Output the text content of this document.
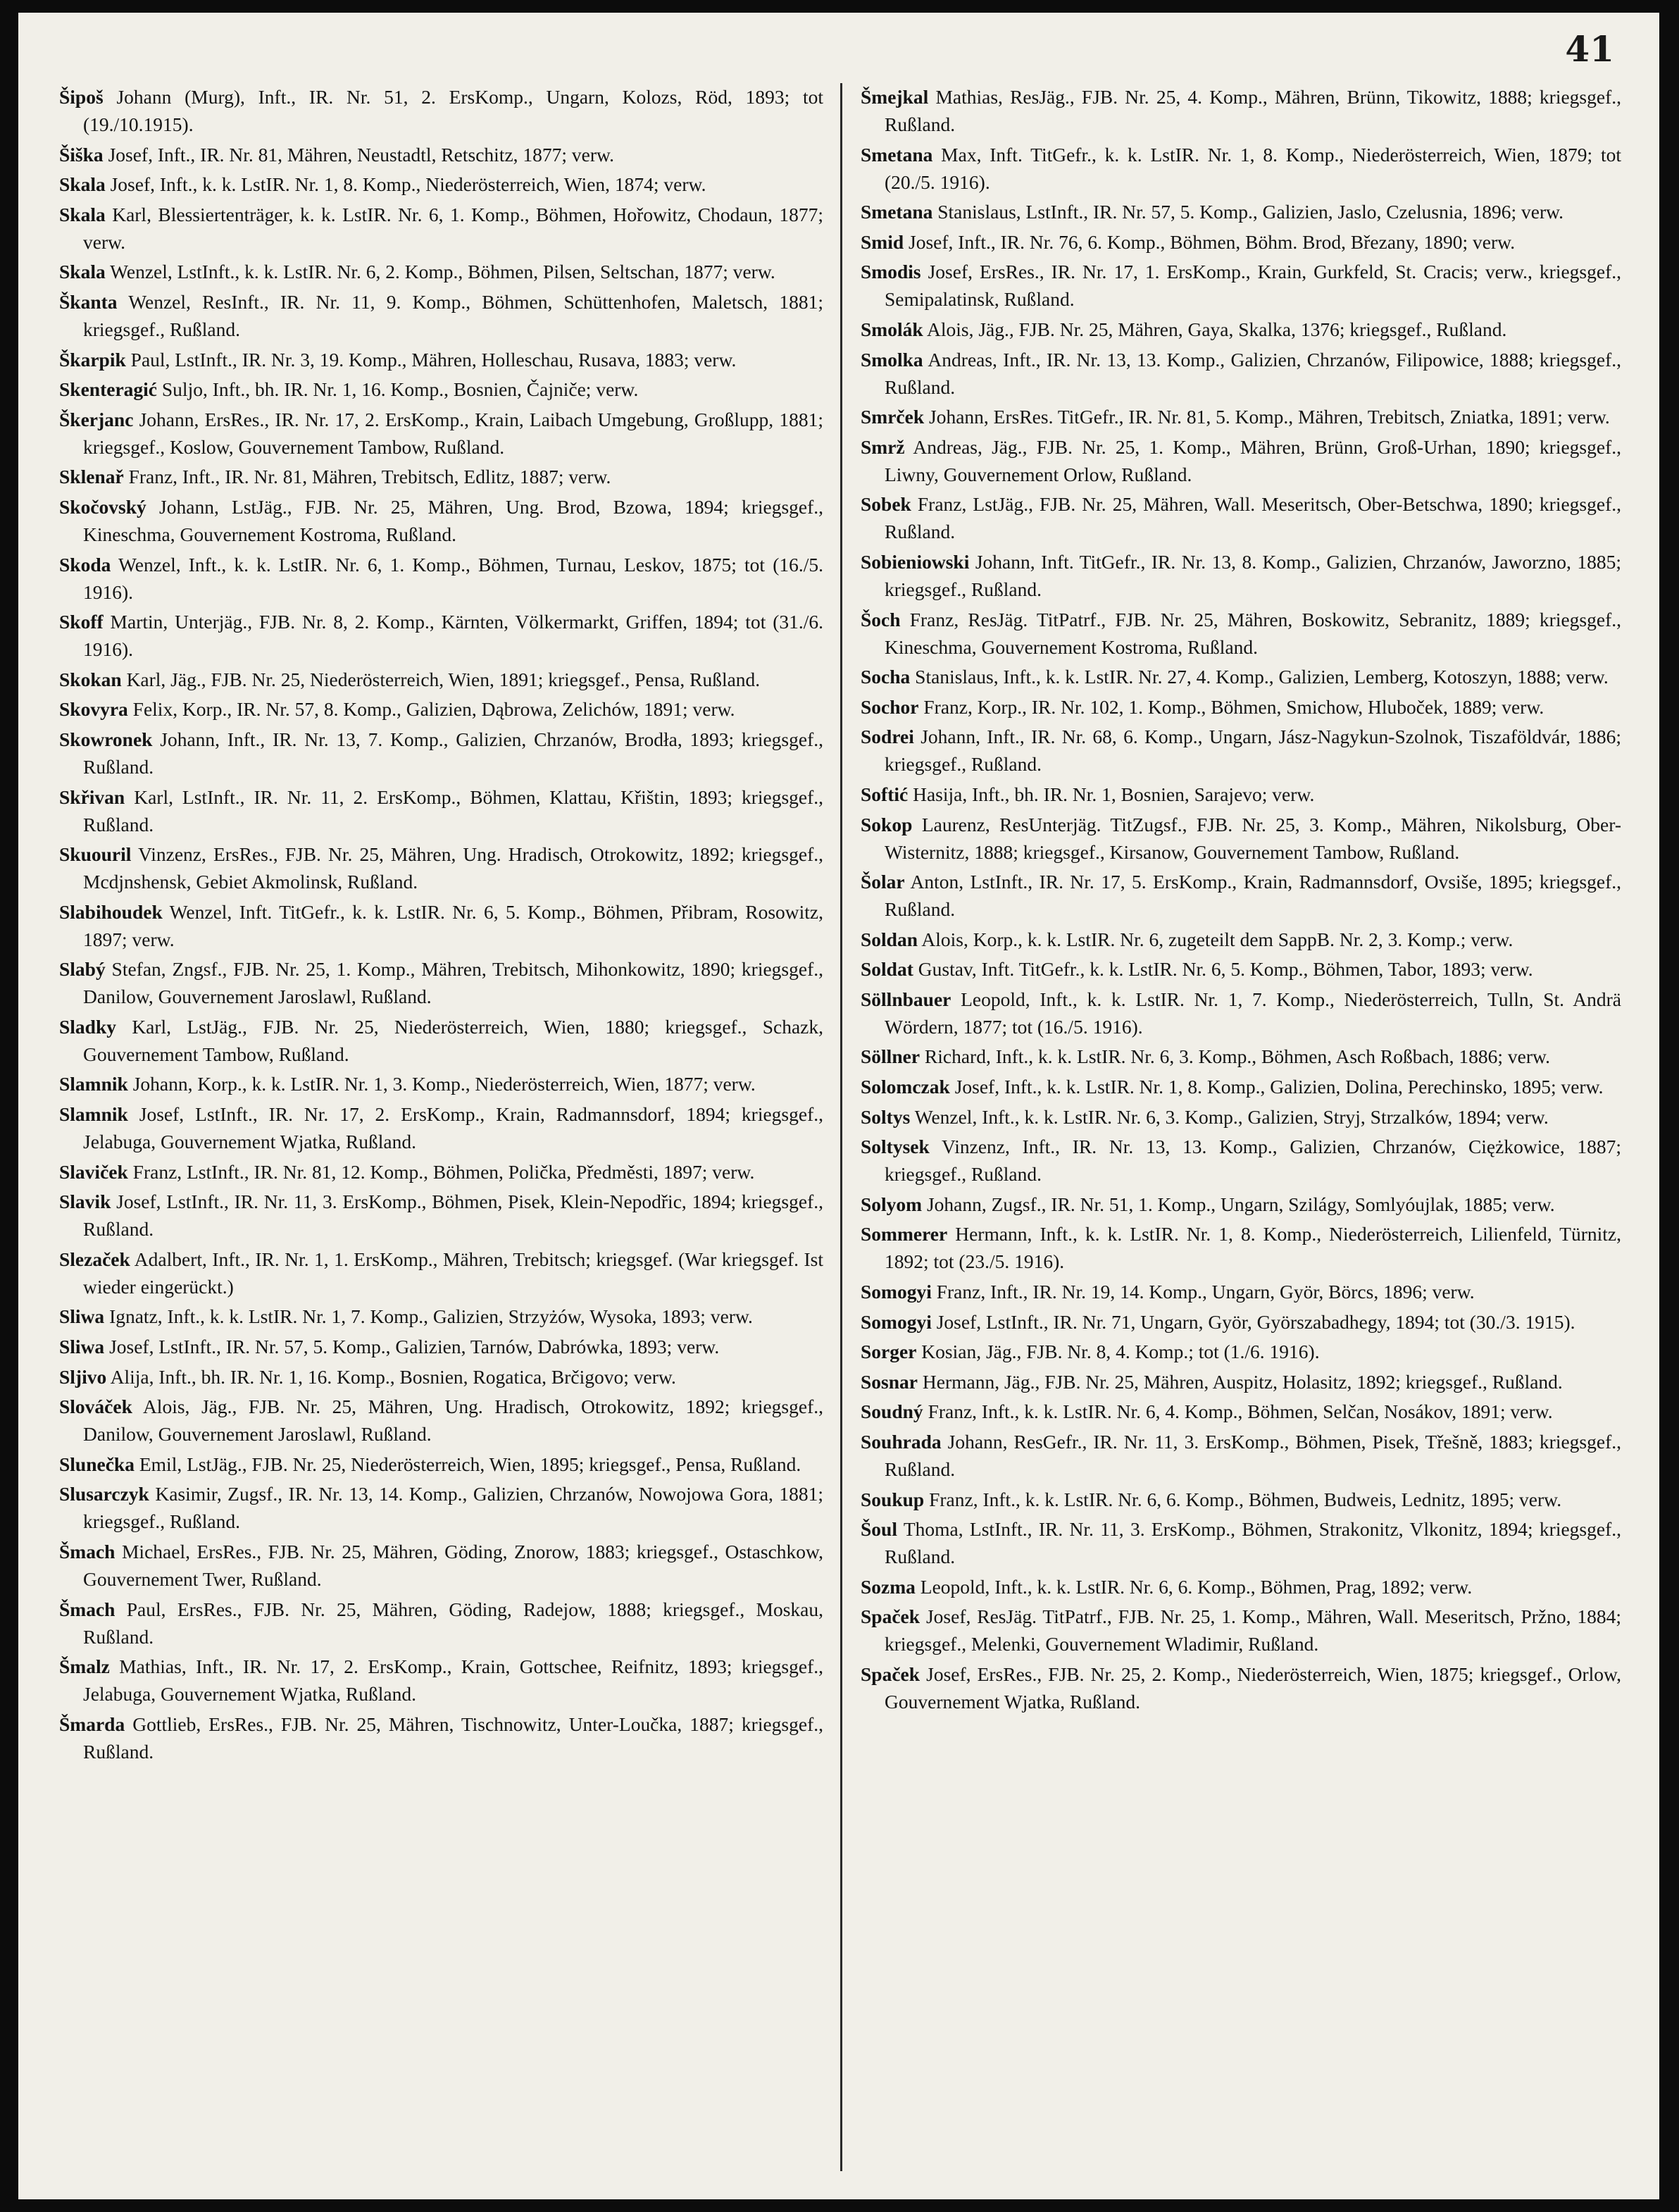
41

Šipoš Johann (Murg), Inft., IR. Nr. 51, 2. ErsKomp., Ungarn, Kolozs, Röd, 1893; tot (19./10.1915).

Šiška Josef, Inft., IR. Nr. 81, Mähren, Neustadtl, Retschitz, 1877; verw.

Skala Josef, Inft., k. k. LstIR. Nr. 1, 8. Komp., Niederösterreich, Wien, 1874; verw.

Skala Karl, Blessiertenträger, k. k. LstIR. Nr. 6, 1. Komp., Böhmen, Hořowitz, Chodaun, 1877; verw.

Skala Wenzel, LstInft., k. k. LstIR. Nr. 6, 2. Komp., Böhmen, Pilsen, Seltschan, 1877; verw.

Škanta Wenzel, ResInft., IR. Nr. 11, 9. Komp., Böhmen, Schüttenhofen, Maletsch, 1881; kriegsgef., Rußland.

Škarpik Paul, LstInft., IR. Nr. 3, 19. Komp., Mähren, Holleschau, Rusava, 1883; verw.

Skenteragić Suljo, Inft., bh. IR. Nr. 1, 16. Komp., Bosnien, Čajniče; verw.

Škerjanc Johann, ErsRes., IR. Nr. 17, 2. ErsKomp., Krain, Laibach Umgebung, Großlupp, 1881; kriegsgef., Koslow, Gouvernement Tambow, Rußland.

Sklenař Franz, Inft., IR. Nr. 81, Mähren, Trebitsch, Edlitz, 1887; verw.

Skočovský Johann, LstJäg., FJB. Nr. 25, Mähren, Ung. Brod, Bzowa, 1894; kriegsgef., Kineschma, Gouvernement Kostroma, Rußland.

Skoda Wenzel, Inft., k. k. LstIR. Nr. 6, 1. Komp., Böhmen, Turnau, Leskov, 1875; tot (16./5. 1916).

Skoff Martin, Unterjäg., FJB. Nr. 8, 2. Komp., Kärnten, Völkermarkt, Griffen, 1894; tot (31./6. 1916).

Skokan Karl, Jäg., FJB. Nr. 25, Niederösterreich, Wien, 1891; kriegsgef., Pensa, Rußland.

Skovyra Felix, Korp., IR. Nr. 57, 8. Komp., Galizien, Dąbrowa, Zelichów, 1891; verw.

Skowronek Johann, Inft., IR. Nr. 13, 7. Komp., Galizien, Chrzanów, Brodła, 1893; kriegsgef., Rußland.

Skřivan Karl, LstInft., IR. Nr. 11, 2. ErsKomp., Böhmen, Klattau, Křištin, 1893; kriegsgef., Rußland.

Skuouril Vinzenz, ErsRes., FJB. Nr. 25, Mähren, Ung. Hradisch, Otrokowitz, 1892; kriegsgef., Mcdjnshensk, Gebiet Akmolinsk, Rußland.

Slabihoudek Wenzel, Inft. TitGefr., k. k. LstIR. Nr. 6, 5. Komp., Böhmen, Přibram, Rosowitz, 1897; verw.

Slabý Stefan, Zngsf., FJB. Nr. 25, 1. Komp., Mähren, Trebitsch, Mihonkowitz, 1890; kriegsgef., Danilow, Gouvernement Jaroslawl, Rußland.

Sladky Karl, LstJäg., FJB. Nr. 25, Niederösterreich, Wien, 1880; kriegsgef., Schazk, Gouvernement Tambow, Rußland.

Slamnik Johann, Korp., k. k. LstIR. Nr. 1, 3. Komp., Niederösterreich, Wien, 1877; verw.

Slamnik Josef, LstInft., IR. Nr. 17, 2. ErsKomp., Krain, Radmannsdorf, 1894; kriegsgef., Jelabuga, Gouvernement Wjatka, Rußland.

Slaviček Franz, LstInft., IR. Nr. 81, 12. Komp., Böhmen, Polička, Předměsti, 1897; verw.

Slavik Josef, LstInft., IR. Nr. 11, 3. ErsKomp., Böhmen, Pisek, Klein-Nepodřic, 1894; kriegsgef., Rußland.

Slezaček Adalbert, Inft., IR. Nr. 1, 1. ErsKomp., Mähren, Trebitsch; kriegsgef. (War kriegsgef. Ist wieder eingerückt.)

Sliwa Ignatz, Inft., k. k. LstIR. Nr. 1, 7. Komp., Galizien, Strzyżów, Wysoka, 1893; verw.

Sliwa Josef, LstInft., IR. Nr. 57, 5. Komp., Galizien, Tarnów, Dabrówka, 1893; verw.

Sljivo Alija, Inft., bh. IR. Nr. 1, 16. Komp., Bosnien, Rogatica, Brčigovo; verw.

Slováček Alois, Jäg., FJB. Nr. 25, Mähren, Ung. Hradisch, Otrokowitz, 1892; kriegsgef., Danilow, Gouvernement Jaroslawl, Rußland.

Slunečka Emil, LstJäg., FJB. Nr. 25, Niederösterreich, Wien, 1895; kriegsgef., Pensa, Rußland.

Slusarczyk Kasimir, Zugsf., IR. Nr. 13, 14. Komp., Galizien, Chrzanów, Nowojowa Gora, 1881; kriegsgef., Rußland.

Šmach Michael, ErsRes., FJB. Nr. 25, Mähren, Göding, Znorow, 1883; kriegsgef., Ostaschkow, Gouvernement Twer, Rußland.

Šmach Paul, ErsRes., FJB. Nr. 25, Mähren, Göding, Radejow, 1888; kriegsgef., Moskau, Rußland.

Šmalz Mathias, Inft., IR. Nr. 17, 2. ErsKomp., Krain, Gottschee, Reifnitz, 1893; kriegsgef., Jelabuga, Gouvernement Wjatka, Rußland.

Šmarda Gottlieb, ErsRes., FJB. Nr. 25, Mähren, Tischnowitz, Unter-Loučka, 1887; kriegsgef., Rußland.

Šmejkal Mathias, ResJäg., FJB. Nr. 25, 4. Komp., Mähren, Brünn, Tikowitz, 1888; kriegsgef., Rußland.

Smetana Max, Inft. TitGefr., k. k. LstIR. Nr. 1, 8. Komp., Niederösterreich, Wien, 1879; tot (20./5. 1916).

Smetana Stanislaus, LstInft., IR. Nr. 57, 5. Komp., Galizien, Jaslo, Czelusnia, 1896; verw.

Smid Josef, Inft., IR. Nr. 76, 6. Komp., Böhmen, Böhm. Brod, Březany, 1890; verw.

Smodis Josef, ErsRes., IR. Nr. 17, 1. ErsKomp., Krain, Gurkfeld, St. Cracis; verw., kriegsgef., Semipalatinsk, Rußland.

Smolák Alois, Jäg., FJB. Nr. 25, Mähren, Gaya, Skalka, 1376; kriegsgef., Rußland.

Smolka Andreas, Inft., IR. Nr. 13, 13. Komp., Galizien, Chrzanów, Filipowice, 1888; kriegsgef., Rußland.

Smrček Johann, ErsRes. TitGefr., IR. Nr. 81, 5. Komp., Mähren, Trebitsch, Zniatka, 1891; verw.

Smrž Andreas, Jäg., FJB. Nr. 25, 1. Komp., Mähren, Brünn, Groß-Urhan, 1890; kriegsgef., Liwny, Gouvernement Orlow, Rußland.

Sobek Franz, LstJäg., FJB. Nr. 25, Mähren, Wall. Meseritsch, Ober-Betschwa, 1890; kriegsgef., Rußland.

Sobieniowski Johann, Inft. TitGefr., IR. Nr. 13, 8. Komp., Galizien, Chrzanów, Jaworzno, 1885; kriegsgef., Rußland.

Šoch Franz, ResJäg. TitPatrf., FJB. Nr. 25, Mähren, Boskowitz, Sebranitz, 1889; kriegsgef., Kineschma, Gouvernement Kostroma, Rußland.

Socha Stanislaus, Inft., k. k. LstIR. Nr. 27, 4. Komp., Galizien, Lemberg, Kotoszyn, 1888; verw.

Sochor Franz, Korp., IR. Nr. 102, 1. Komp., Böhmen, Smichow, Hluboček, 1889; verw.

Sodrei Johann, Inft., IR. Nr. 68, 6. Komp., Ungarn, Jász-Nagykun-Szolnok, Tiszaföldvár, 1886; kriegsgef., Rußland.

Softić Hasija, Inft., bh. IR. Nr. 1, Bosnien, Sarajevo; verw.

Sokop Laurenz, ResUnterjäg. TitZugsf., FJB. Nr. 25, 3. Komp., Mähren, Nikolsburg, Ober-Wisternitz, 1888; kriegsgef., Kirsanow, Gouvernement Tambow, Rußland.

Šolar Anton, LstInft., IR. Nr. 17, 5. ErsKomp., Krain, Radmannsdorf, Ovsiše, 1895; kriegsgef., Rußland.

Soldan Alois, Korp., k. k. LstIR. Nr. 6, zugeteilt dem SappB. Nr. 2, 3. Komp.; verw.

Soldat Gustav, Inft. TitGefr., k. k. LstIR. Nr. 6, 5. Komp., Böhmen, Tabor, 1893; verw.

Söllnbauer Leopold, Inft., k. k. LstIR. Nr. 1, 7. Komp., Niederösterreich, Tulln, St. Andrä Wördern, 1877; tot (16./5. 1916).

Söllner Richard, Inft., k. k. LstIR. Nr. 6, 3. Komp., Böhmen, Asch Roßbach, 1886; verw.

Solomczak Josef, Inft., k. k. LstIR. Nr. 1, 8. Komp., Galizien, Dolina, Perechinsko, 1895; verw.

Soltys Wenzel, Inft., k. k. LstIR. Nr. 6, 3. Komp., Galizien, Stryj, Strzalków, 1894; verw.

Soltysek Vinzenz, Inft., IR. Nr. 13, 13. Komp., Galizien, Chrzanów, Ciężkowice, 1887; kriegsgef., Rußland.

Solyom Johann, Zugsf., IR. Nr. 51, 1. Komp., Ungarn, Szilágy, Somlyóujlak, 1885; verw.

Sommerer Hermann, Inft., k. k. LstIR. Nr. 1, 8. Komp., Niederösterreich, Lilienfeld, Türnitz, 1892; tot (23./5. 1916).

Somogyi Franz, Inft., IR. Nr. 19, 14. Komp., Ungarn, Györ, Börcs, 1896; verw.

Somogyi Josef, LstInft., IR. Nr. 71, Ungarn, Györ, Györszabadhegy, 1894; tot (30./3. 1915).

Sorger Kosian, Jäg., FJB. Nr. 8, 4. Komp.; tot (1./6. 1916).

Sosnar Hermann, Jäg., FJB. Nr. 25, Mähren, Auspitz, Holasitz, 1892; kriegsgef., Rußland.

Soudný Franz, Inft., k. k. LstIR. Nr. 6, 4. Komp., Böhmen, Selčan, Nosákov, 1891; verw.

Souhrada Johann, ResGefr., IR. Nr. 11, 3. ErsKomp., Böhmen, Pisek, Třešně, 1883; kriegsgef., Rußland.

Soukup Franz, Inft., k. k. LstIR. Nr. 6, 6. Komp., Böhmen, Budweis, Lednitz, 1895; verw.

Šoul Thoma, LstInft., IR. Nr. 11, 3. ErsKomp., Böhmen, Strakonitz, Vlkonitz, 1894; kriegsgef., Rußland.

Sozma Leopold, Inft., k. k. LstIR. Nr. 6, 6. Komp., Böhmen, Prag, 1892; verw.

Spaček Josef, ResJäg. TitPatrf., FJB. Nr. 25, 1. Komp., Mähren, Wall. Meseritsch, Pržno, 1884; kriegsgef., Melenki, Gouvernement Wladimir, Rußland.

Spaček Josef, ErsRes., FJB. Nr. 25, 2. Komp., Niederösterreich, Wien, 1875; kriegsgef., Orlow, Gouvernement Wjatka, Rußland.
